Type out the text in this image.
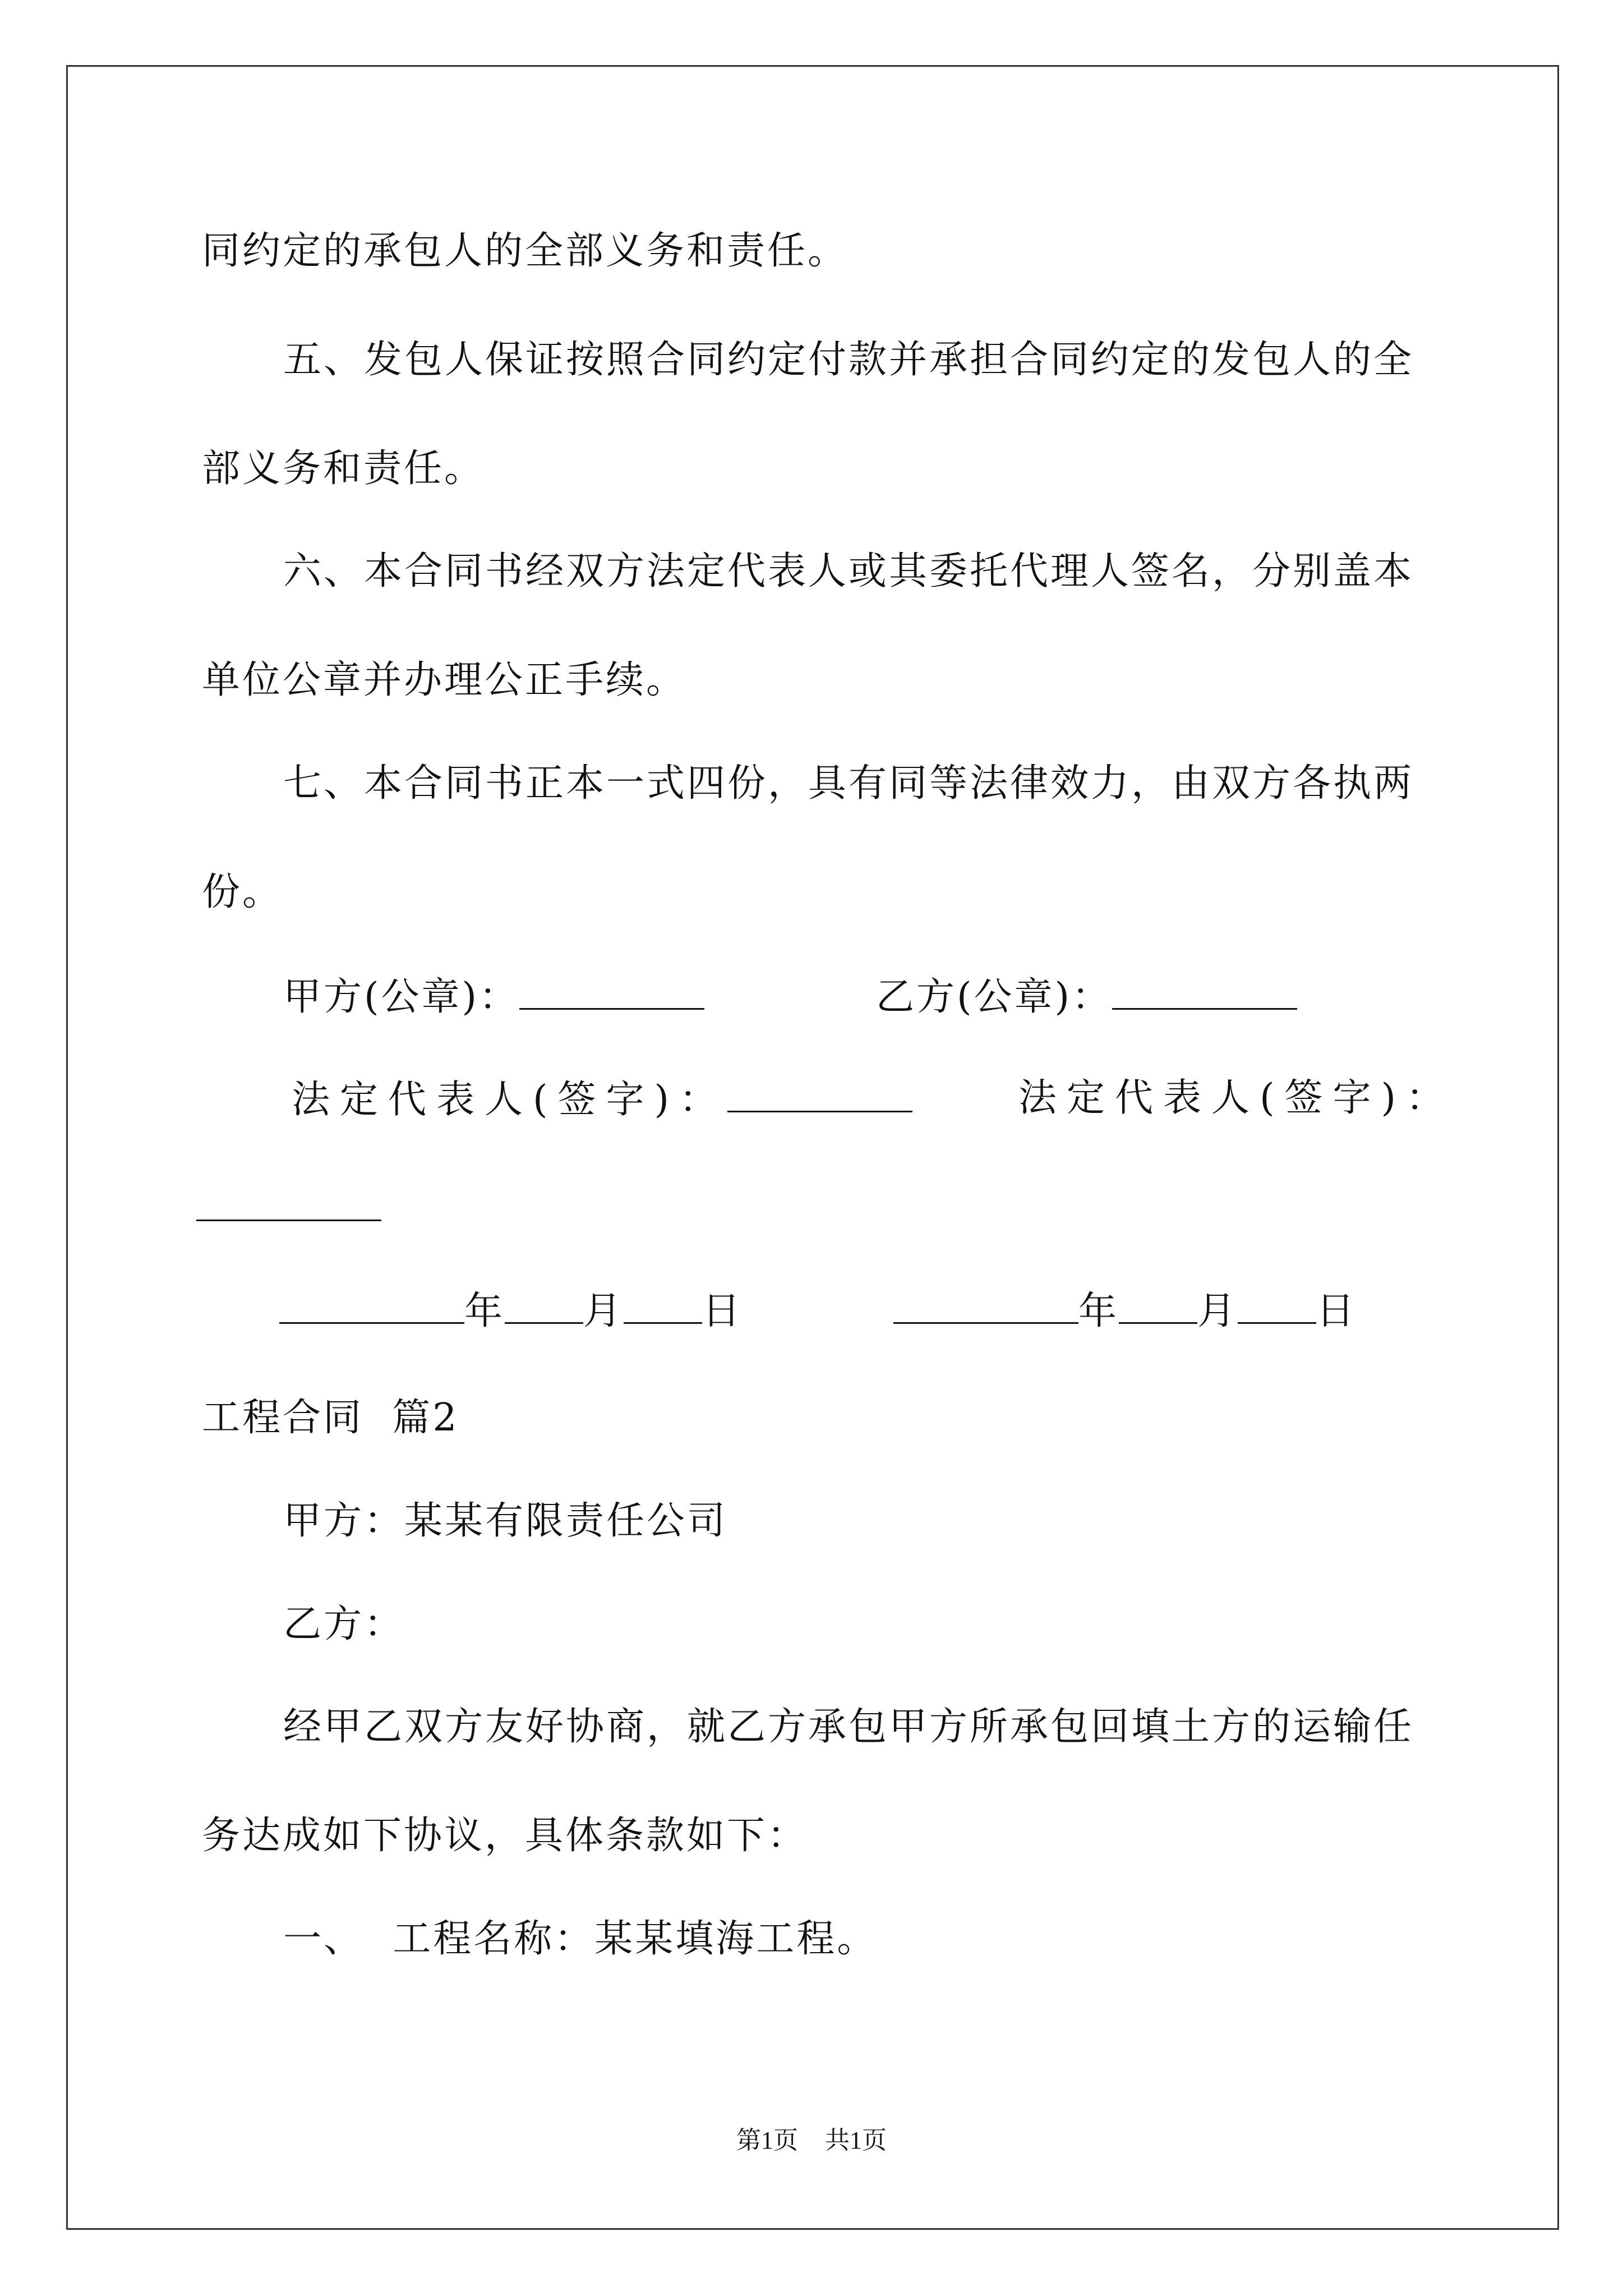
同约定的承包人的全部义务和责任。
五、发包人保证按照合同约定付款并承担合同约定的发包人的全
部义务和责任。
六、本合同书经双方法定代表人或其委托代理人签名，分别盖本
单位公章并办理公正手续。
七、本合同书正本一式四份，具有同等法律效力，由双方各执两
份。
甲方(公章)：	乙方(公章)：
法定代表人(签字)：	法定代表人(签字)：
年 月 日	年 月 日
工程合同  篇2
甲方：某某有限责任公司
乙方：
经甲乙双方友好协商，就乙方承包甲方所承包回填土方的运输任
务达成如下协议，具体条款如下：
一、  工程名称：某某填海工程。
第1页 共1页
